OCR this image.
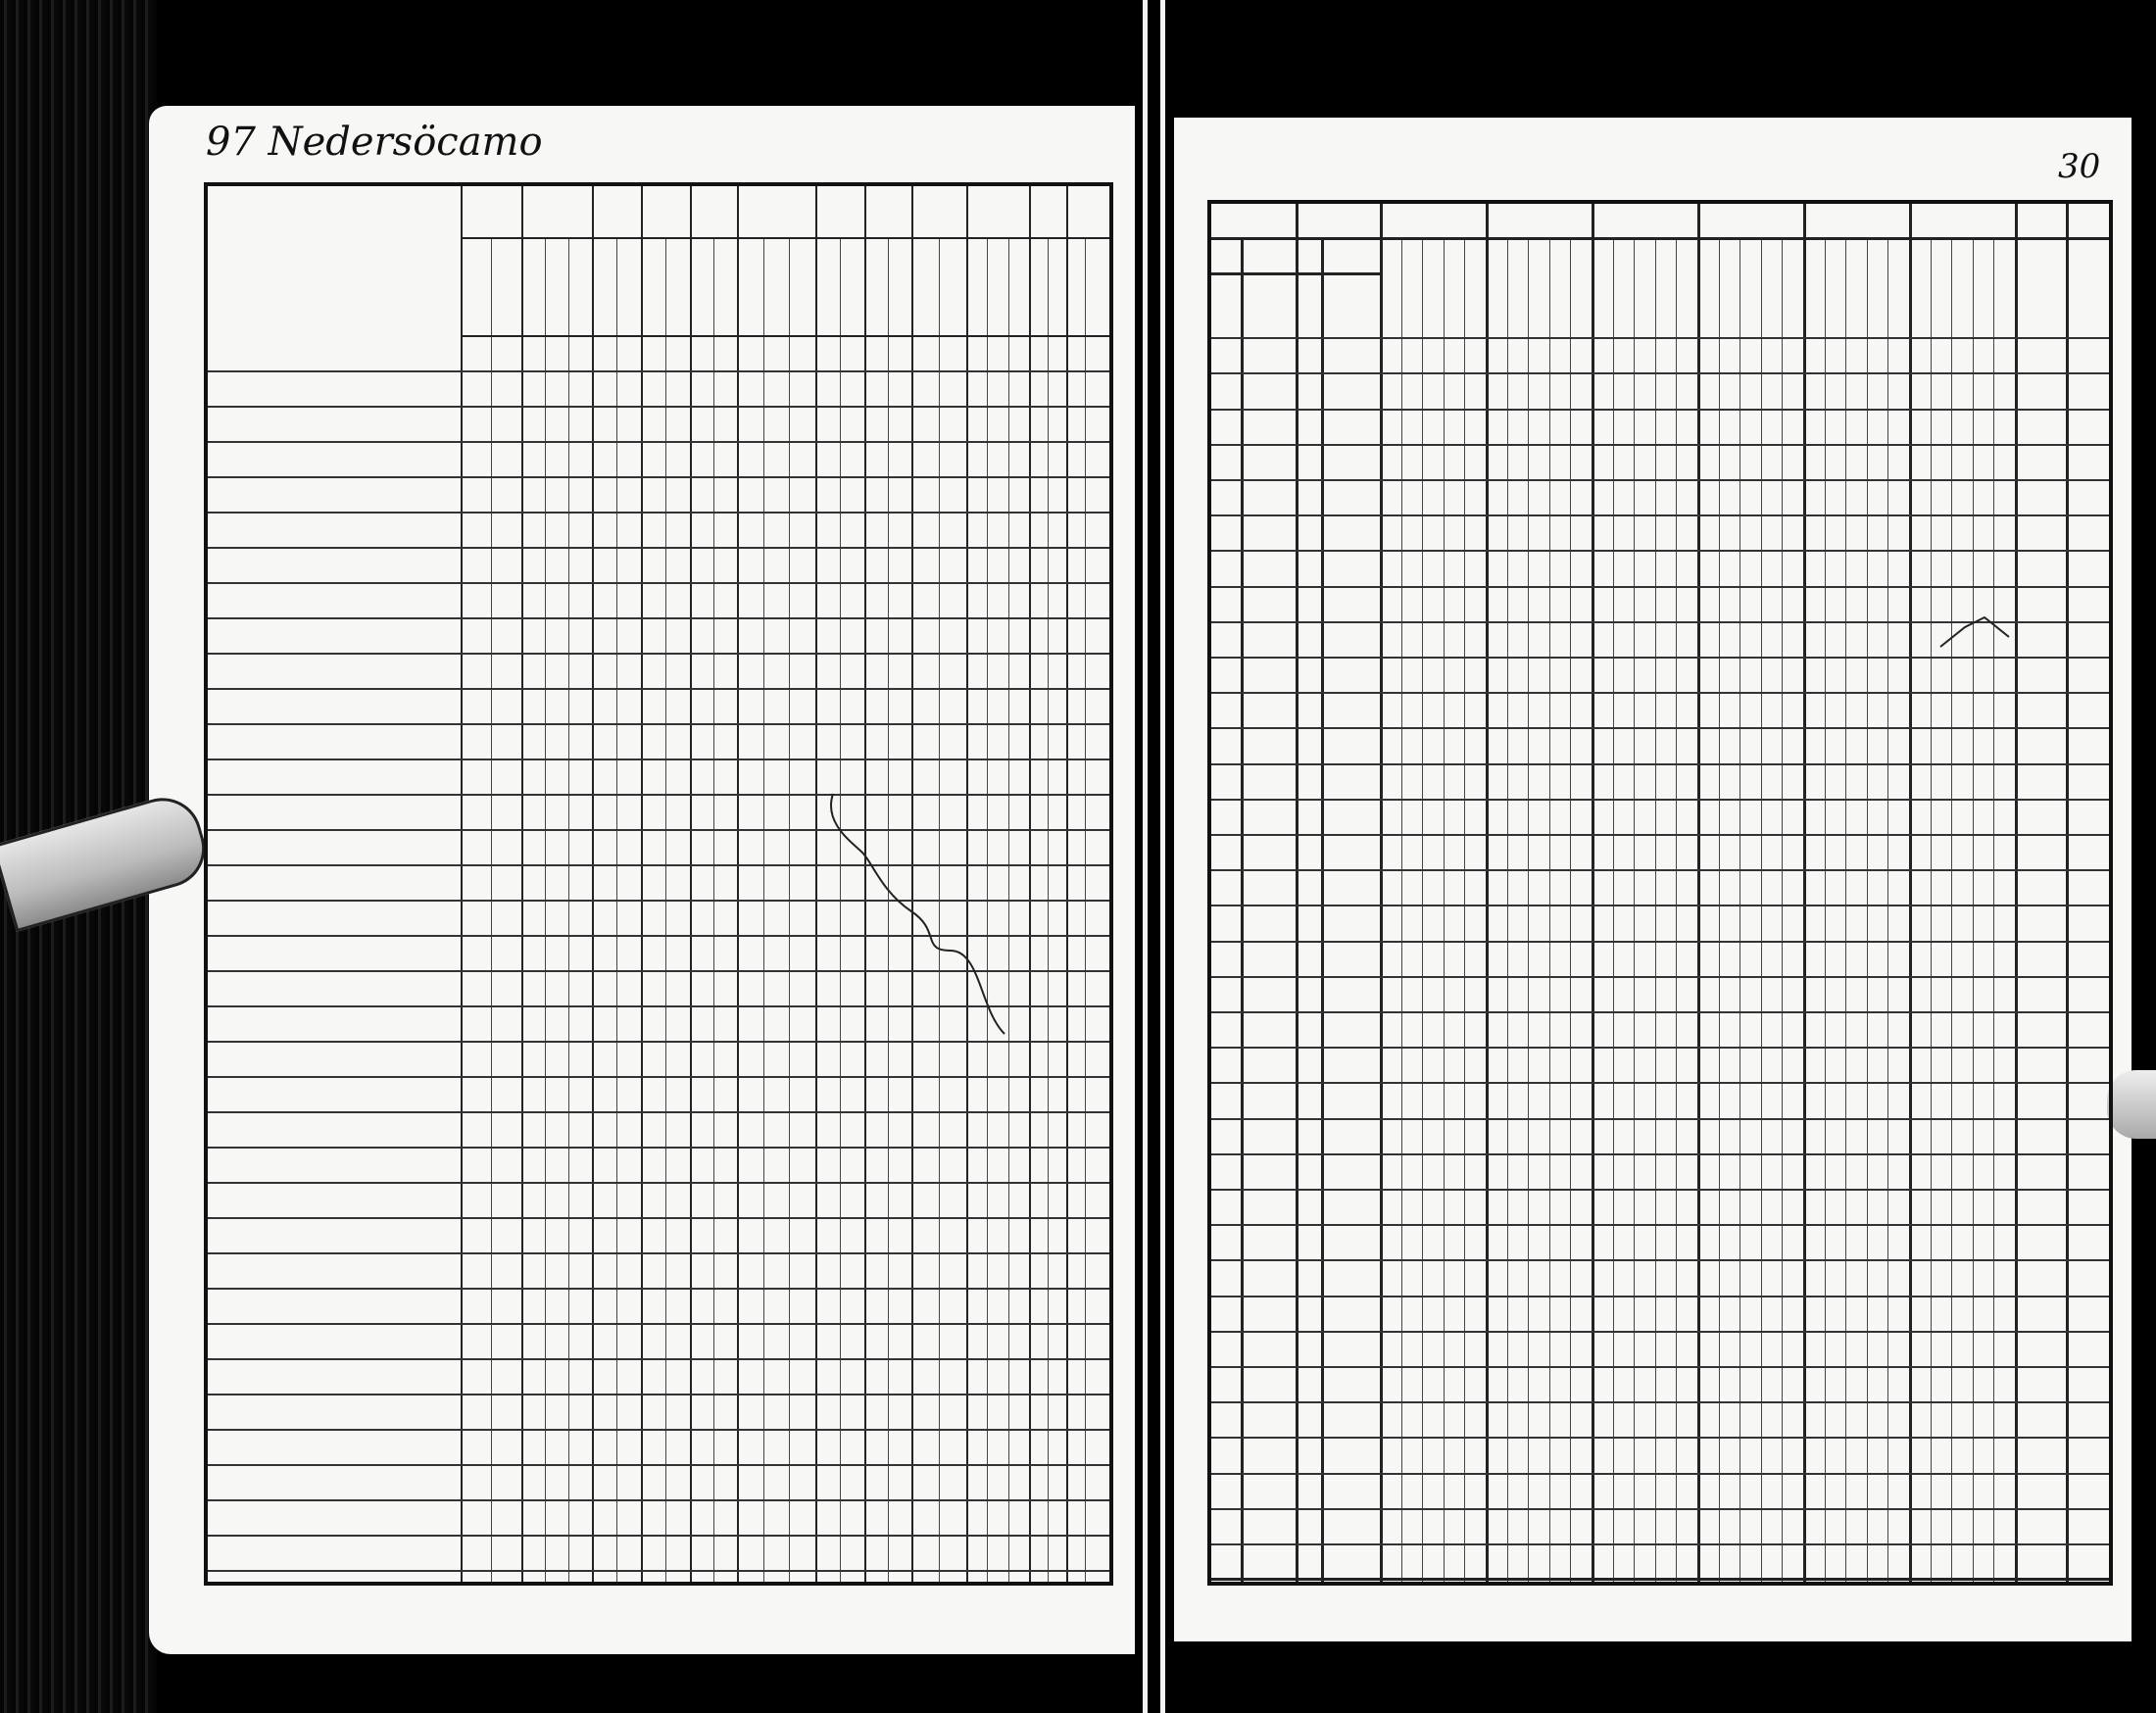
97 Nedersöcamo
30
